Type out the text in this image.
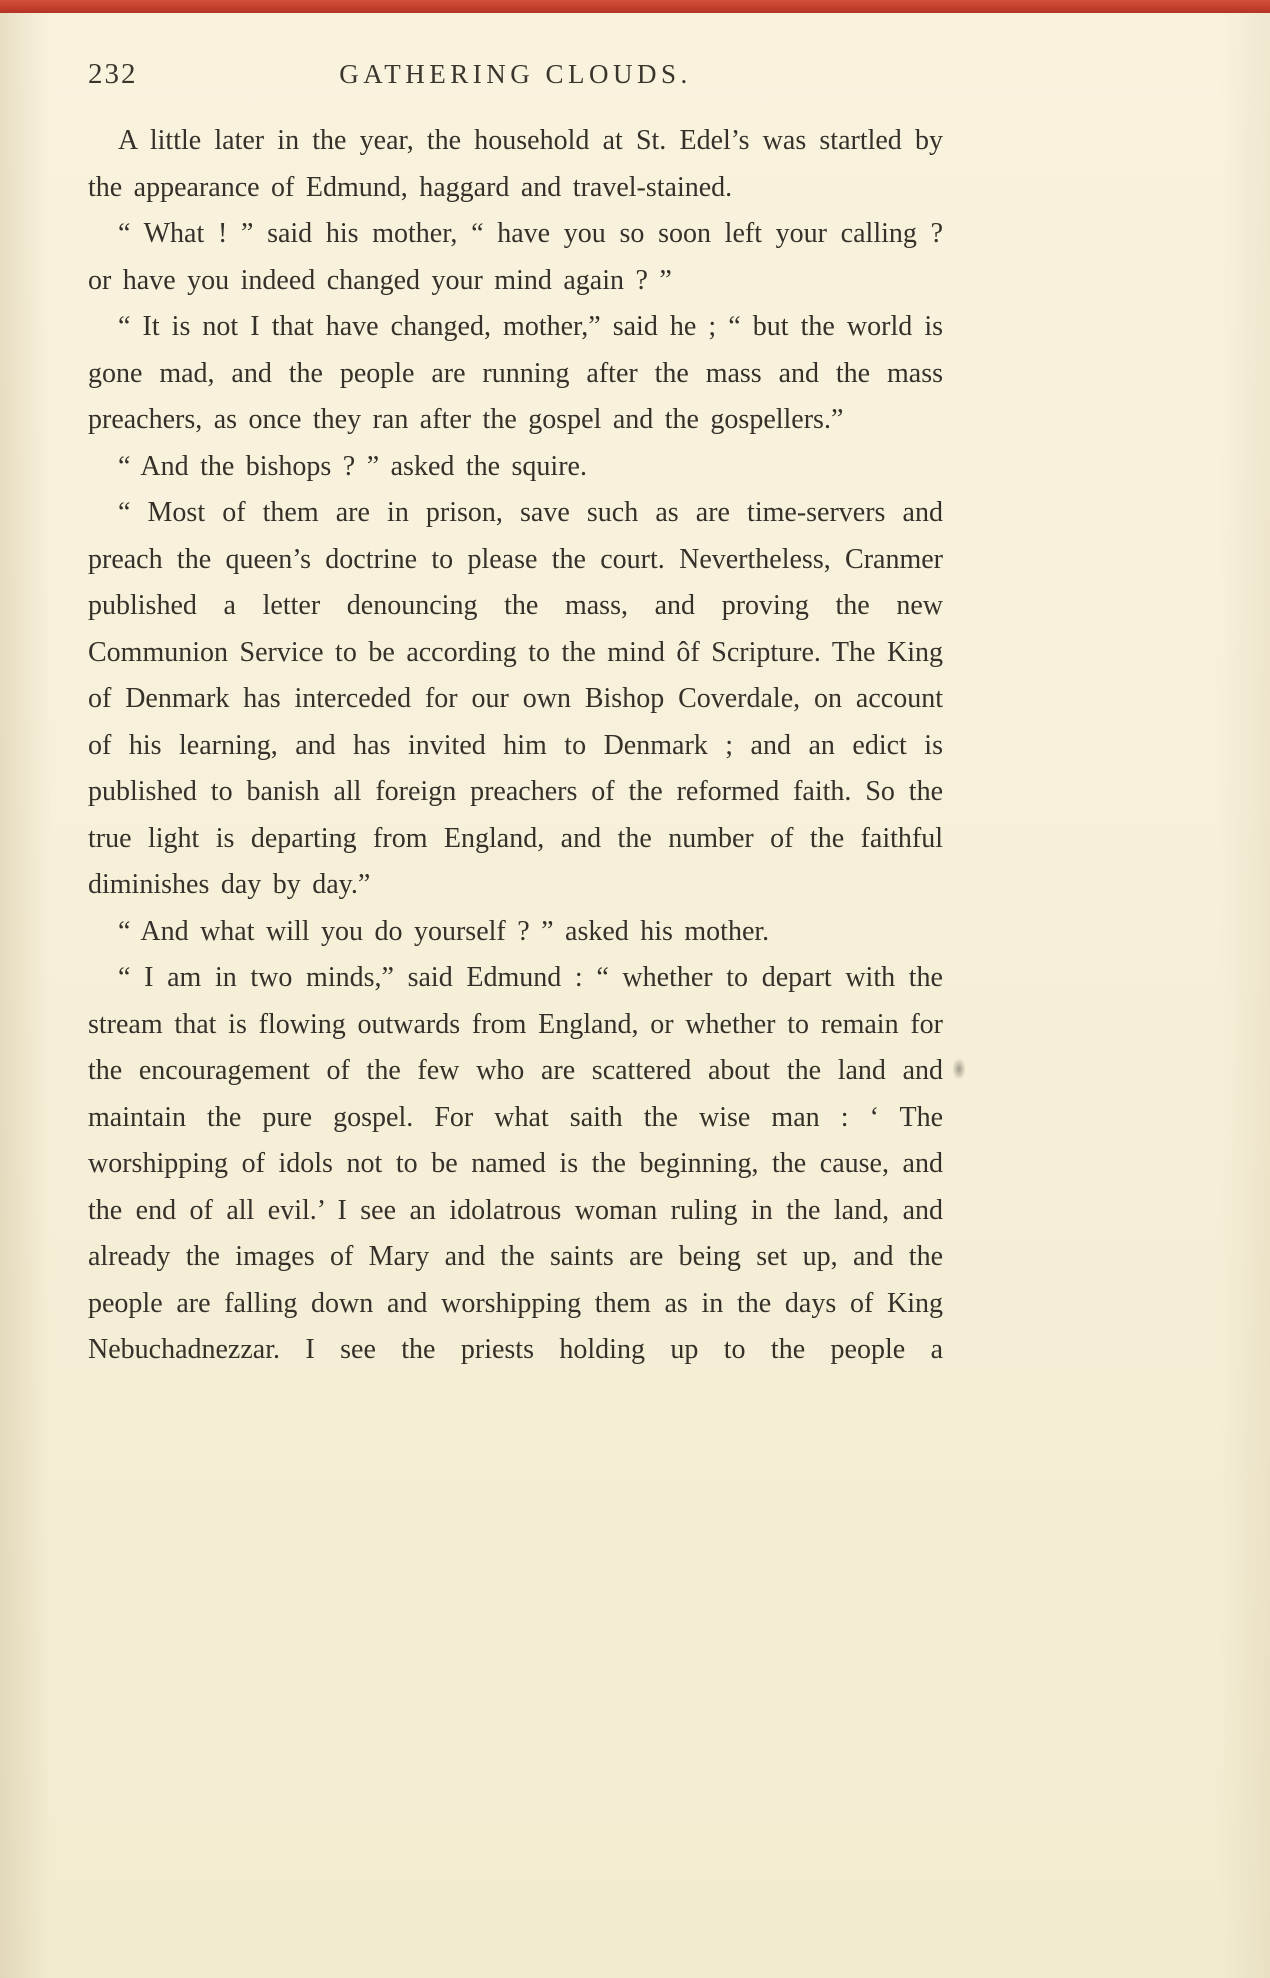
232	GATHERING CLOUDS.

A little later in the year, the household at St. Edel’s was startled by the appearance of Edmund, haggard and travel-stained.

“ What ! ” said his mother, “ have you so soon left your calling ? or have you indeed changed your mind again ? ”

“ It is not I that have changed, mother,” said he ; “ but the world is gone mad, and the people are running after the mass and the mass preachers, as once they ran after the gospel and the gospellers.”

“ And the bishops ? ” asked the squire.

“ Most of them are in prison, save such as are time-servers and preach the queen’s doctrine to please the court. Nevertheless, Cranmer published a letter denouncing the mass, and proving the new Communion Service to be according to the mind ôf Scripture. The King of Denmark has interceded for our own Bishop Coverdale, on account of his learning, and has invited him to Denmark ; and an edict is published to banish all foreign preachers of the reformed faith. So the true light is departing from England, and the number of the faithful diminishes day by day.”

“ And what will you do yourself ? ” asked his mother.

“ I am in two minds,” said Edmund : “ whether to depart with the stream that is flowing outwards from England, or whether to remain for the encouragement of the few who are scattered about the land and maintain the pure gospel. For what saith the wise man : ‘ The worshipping of idols not to be named is the beginning, the cause, and the end of all evil.’ I see an idolatrous woman ruling in the land, and already the images of Mary and the saints are being set up, and the people are falling down and worshipping them as in the days of King Nebuchadnezzar. I see the priests holding up to the people a
